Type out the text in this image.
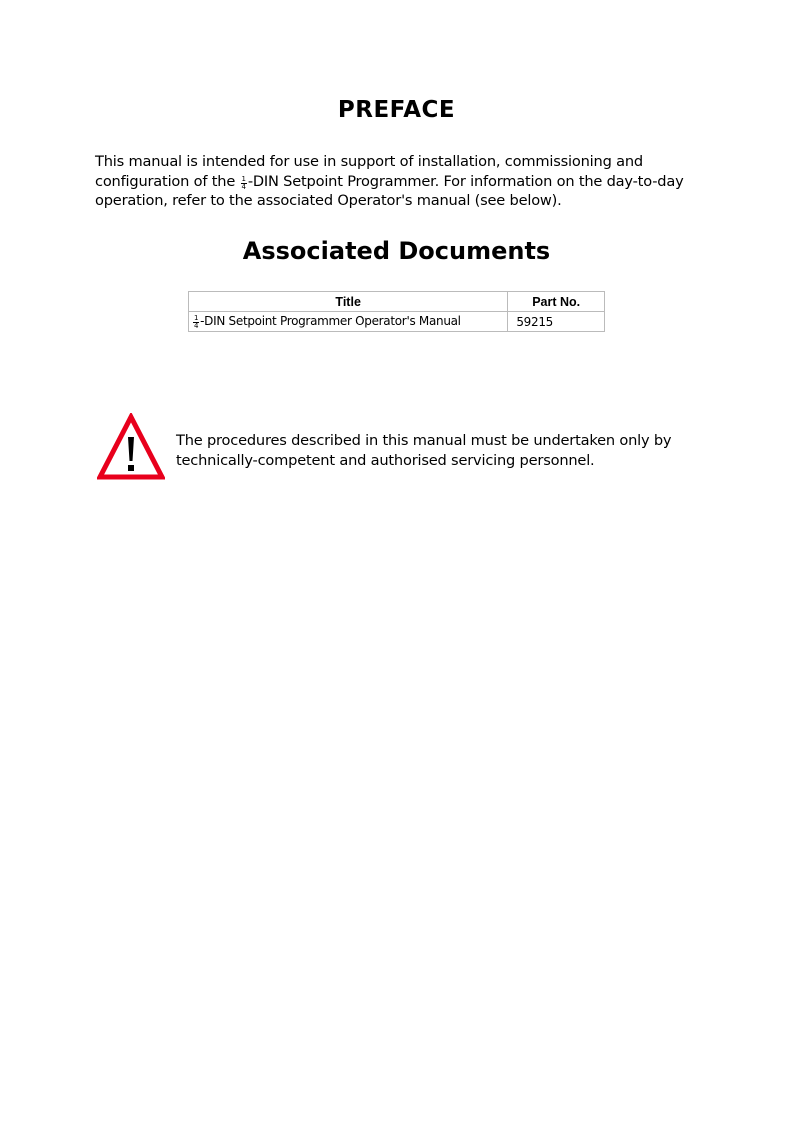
PREFACE

This manual is intended for use in support of installation, commissioning and configuration of the $\frac{1}{4} -DIN$ Setpoint Programmer. For information on the day-to-day operation, refer to the associated Operator's manual (see below).

Associated Documents
Title	Part No.

$\frac{1}{4} -DIN$ Setpoint Programmer Operator's Manual	59215

The procedures described in this manual must be undertaken only by technically-competent and authorised servicing personnel.
